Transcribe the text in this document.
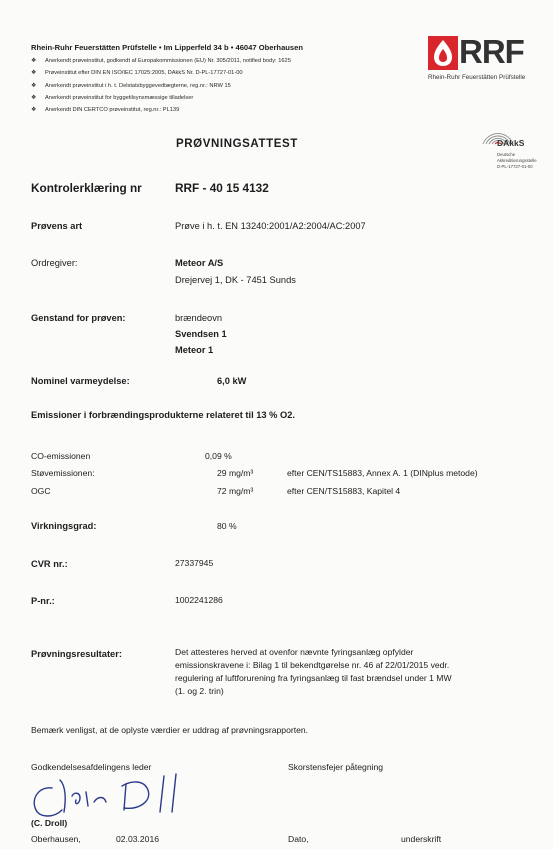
Rhein-Ruhr Feuerstätten Prüfstelle • Im Lipperfeld 34 b • 46047 Oberhausen
❖ Anerkendt prøveinstitut, godkendt af Europakommissionen (EU) Nr. 305/2011, notified body: 1625
❖ Prøveinstitut efter DIN EN ISO/IEC 17025:2005, DAkkS Nr. D-PL-17727-01-00
❖ Anerkendt prøveinstitut i h. t. Delstatsbyggevedtægterne, reg.nr.: NRW 15
❖ Anerkendt prøveinstitut for byggetilsynsmæssige tilladelser
❖ Anerkendt DIN CERTCO prøveinstitut, reg.nr.: PL139
RRF
Rhein-Ruhr Feuerstätten Prüfstelle
DAkkS
Deutsche
Akkreditierungsstelle
D-PL-17727-01-00
PRØVNINGSATTEST
Kontrolerklæring nr	RRF - 40 15 4132
Prøvens art	Prøve i h. t. EN 13240:2001/A2:2004/AC:2007
Ordregiver:	Meteor A/S
Drejervej 1, DK - 7451 Sunds
Genstand for prøven:	brændeovn
Svendsen 1
Meteor 1
Nominel varmeydelse:	6,0 kW
Emissioner i forbrændingsprodukterne relateret til 13 % O2.
CO-emissionen	0,09 %
Støvemissionen:	29 mg/m³	efter CEN/TS15883, Annex A. 1 (DINplus metode)
OGC	72 mg/m³	efter CEN/TS15883, Kapitel 4
Virkningsgrad:	80 %
CVR nr.:	27337945
P-nr.:	1002241286
Prøvningsresultater:	Det attesteres herved at ovenfor nævnte fyringsanlæg opfylder
emissionskravene i: Bilag 1 til bekendtgørelse nr. 46 af 22/01/2015 vedr.
regulering af luftforurening fra fyringsanlæg til fast brændsel under 1 MW
(1. og 2. trin)
Bemærk venligst, at de oplyste værdier er uddrag af prøvningsrapporten.
Godkendelsesafdelingens leder	Skorstensfejer påtegning
(C. Droll)
Oberhausen,	02.03.2016	Dato,	underskrift
